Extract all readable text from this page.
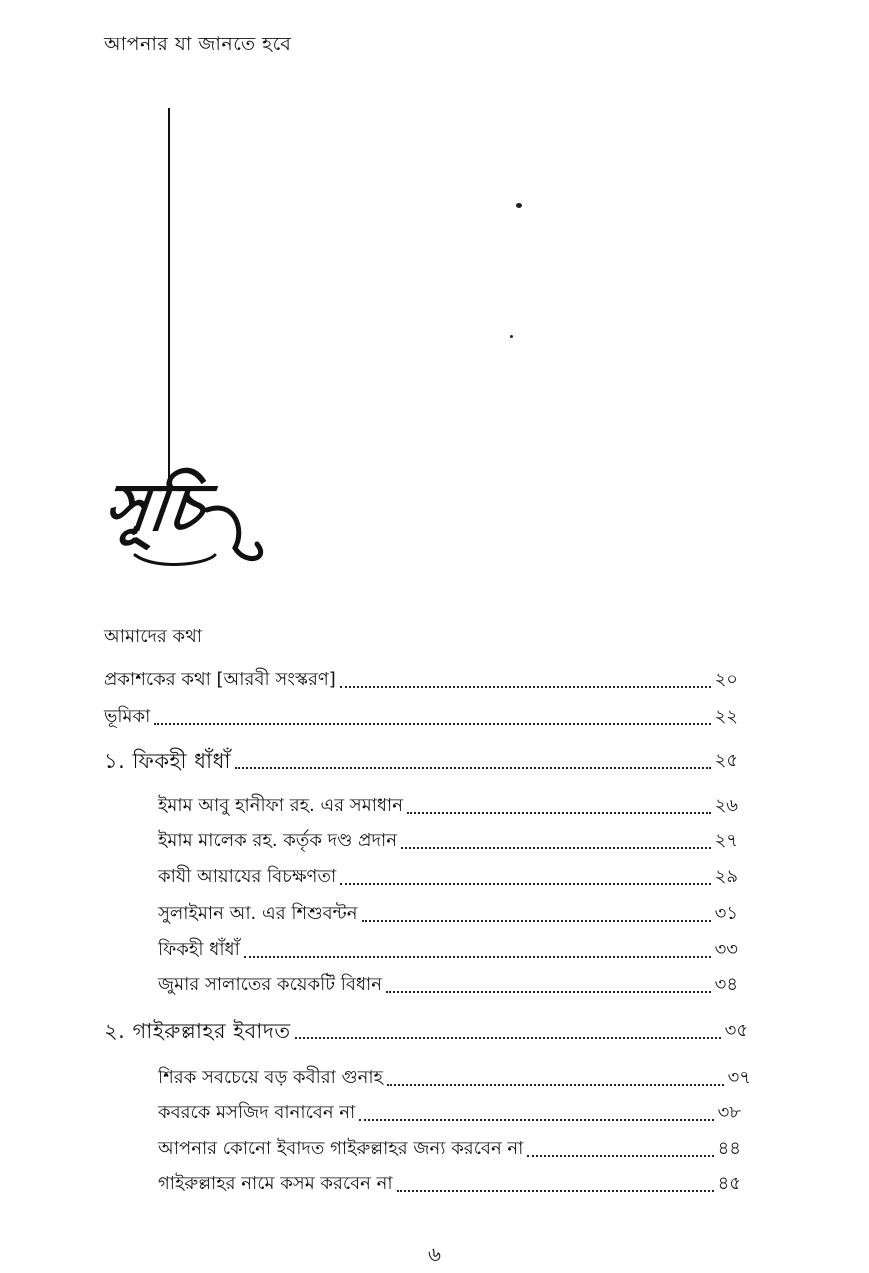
আপনার যা জানতে হবে
সূচি
আমাদের কথা
প্রকাশকের কথা [আরবী সংস্করণ]	২০
ভূমিকা	২২
১. ফিকহী ধাঁধাঁ	২৫
ইমাম আবু হানীফা রহ. এর সমাধান	২৬
ইমাম মালেক রহ. কর্তৃক দণ্ড প্রদান	২৭
কাযী আয়াযের বিচক্ষণতা	২৯
সুলাইমান আ. এর শিশুবন্টন	৩১
ফিকহী ধাঁধাঁ	৩৩
জুমার সালাতের কয়েকটি বিধান	৩৪
২. গাইরুল্লাহর ইবাদত	৩৫
শিরক সবচেয়ে বড় কবীরা গুনাহ	৩৭
কবরকে মসজিদ বানাবেন না	৩৮
আপনার কোনো ইবাদত গাইরুল্লাহর জন্য করবেন না	৪৪
গাইরুল্লাহর নামে কসম করবেন না	৪৫
৬
